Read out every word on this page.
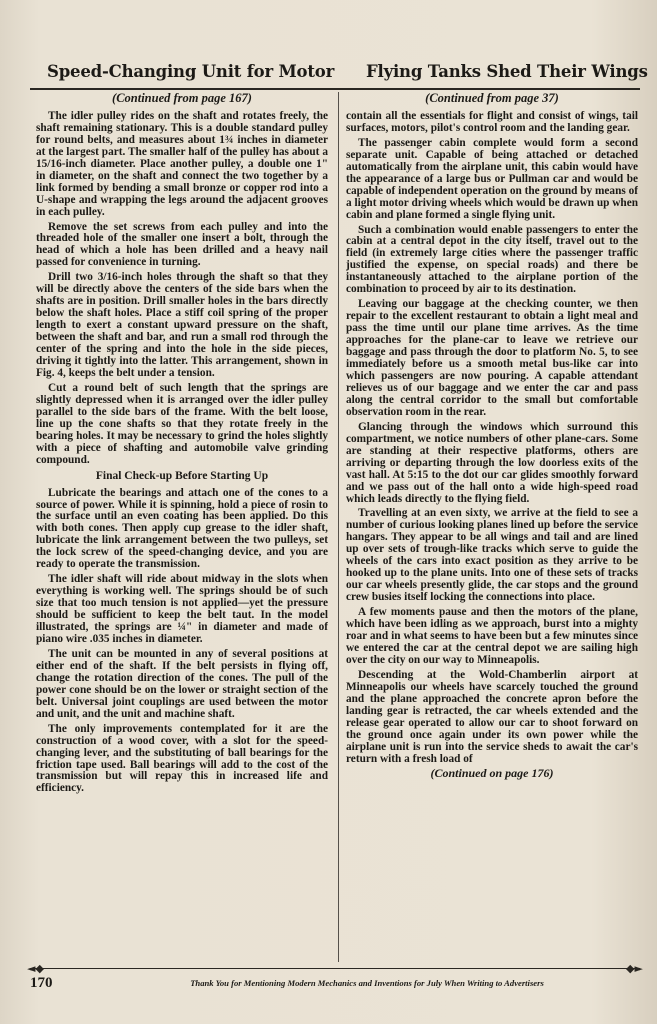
Speed-Changing Unit for Motor Flying Tanks Shed Their Wings
(Continued from page 167)

The idler pulley rides on the shaft and rotates freely, the shaft remaining stationary. This is a double standard pulley for round belts, and measures about 1¾ inches in diameter at the largest part. The smaller half of the pulley has about a 15/16-inch diameter. Place another pulley, a double one 1" in diameter, on the shaft and connect the two together by a link formed by bending a small bronze or copper rod into a U-shape and wrapping the legs around the adjacent grooves in each pulley.

Remove the set screws from each pulley and into the threaded hole of the smaller one insert a bolt, through the head of which a hole has been drilled and a heavy nail passed for convenience in turning.

Drill two 3/16-inch holes through the shaft so that they will be directly above the centers of the side bars when the shafts are in position. Drill smaller holes in the bars directly below the shaft holes. Place a stiff coil spring of the proper length to exert a constant upward pressure on the shaft, between the shaft and bar, and run a small rod through the center of the spring and into the hole in the side pieces, driving it tightly into the latter. This arrangement, shown in Fig. 4, keeps the belt under a tension.

Cut a round belt of such length that the springs are slightly depressed when it is arranged over the idler pulley parallel to the side bars of the frame. With the belt loose, line up the cone shafts so that they rotate freely in the bearing holes. It may be necessary to grind the holes slightly with a piece of shafting and automobile valve grinding compound.

Final Check-up Before Starting Up

Lubricate the bearings and attach one of the cones to a source of power. While it is spinning, hold a piece of rosin to the surface until an even coating has been applied. Do this with both cones. Then apply cup grease to the idler shaft, lubricate the link arrangement between the two pulleys, set the lock screw of the speed-changing device, and you are ready to operate the transmission.

The idler shaft will ride about midway in the slots when everything is working well. The springs should be of such size that too much tension is not applied—yet the pressure should be sufficient to keep the belt taut. In the model illustrated, the springs are ¼" in diameter and made of piano wire .035 inches in diameter.

The unit can be mounted in any of several positions at either end of the shaft. If the belt persists in flying off, change the rotation direction of the cones. The pull of the power cone should be on the lower or straight section of the belt. Universal joint couplings are used between the motor and unit, and the unit and machine shaft.

The only improvements contemplated for it are the construction of a wood cover, with a slot for the speed-changing lever, and the substituting of ball bearings for the friction tape used. Ball bearings will add to the cost of the transmission but will repay this in increased life and efficiency.

(Continued from page 37)

contain all the essentials for flight and consist of wings, tail surfaces, motors, pilot's control room and the landing gear.

The passenger cabin complete would form a second separate unit. Capable of being attached or detached automatically from the airplane unit, this cabin would have the appearance of a large bus or Pullman car and would be capable of independent operation on the ground by means of a light motor driving wheels which would be drawn up when cabin and plane formed a single flying unit.

Such a combination would enable passengers to enter the cabin at a central depot in the city itself, travel out to the field (in extremely large cities where the passenger traffic justified the expense, on special roads) and there be instantaneously attached to the airplane portion of the combination to proceed by air to its destination.

Leaving our baggage at the checking counter, we then repair to the excellent restaurant to obtain a light meal and pass the time until our plane time arrives. As the time approaches for the plane-car to leave we retrieve our baggage and pass through the door to platform No. 5, to see immediately before us a smooth metal bus-like car into which passengers are now pouring. A capable attendant relieves us of our baggage and we enter the car and pass along the central corridor to the small but comfortable observation room in the rear.

Glancing through the windows which surround this compartment, we notice numbers of other plane-cars. Some are standing at their respective platforms, others are arriving or departing through the low doorless exits of the vast hall. At 5:15 to the dot our car glides smoothly forward and we pass out of the hall onto a wide high-speed road which leads directly to the flying field.

Travelling at an even sixty, we arrive at the field to see a number of curious looking planes lined up before the service hangars. They appear to be all wings and tail and are lined up over sets of trough-like tracks which serve to guide the wheels of the cars into exact position as they arrive to be hooked up to the plane units. Into one of these sets of tracks our car wheels presently glide, the car stops and the ground crew busies itself locking the connections into place.

A few moments pause and then the motors of the plane, which have been idling as we approach, burst into a mighty roar and in what seems to have been but a few minutes since we entered the car at the central depot we are sailing high over the city on our way to Minneapolis.

Descending at the Wold-Chamberlin airport at Minneapolis our wheels have scarcely touched the ground and the plane approached the concrete apron before the landing gear is retracted, the car wheels extended and the release gear operated to allow our car to shoot forward on the ground once again under its own power while the airplane unit is run into the service sheds to await the car's return with a fresh load of

(Continued on page 176)
◄◆	◆►
170	Thank You for Mentioning Modern Mechanics and Inventions for July When Writing to Advertisers
